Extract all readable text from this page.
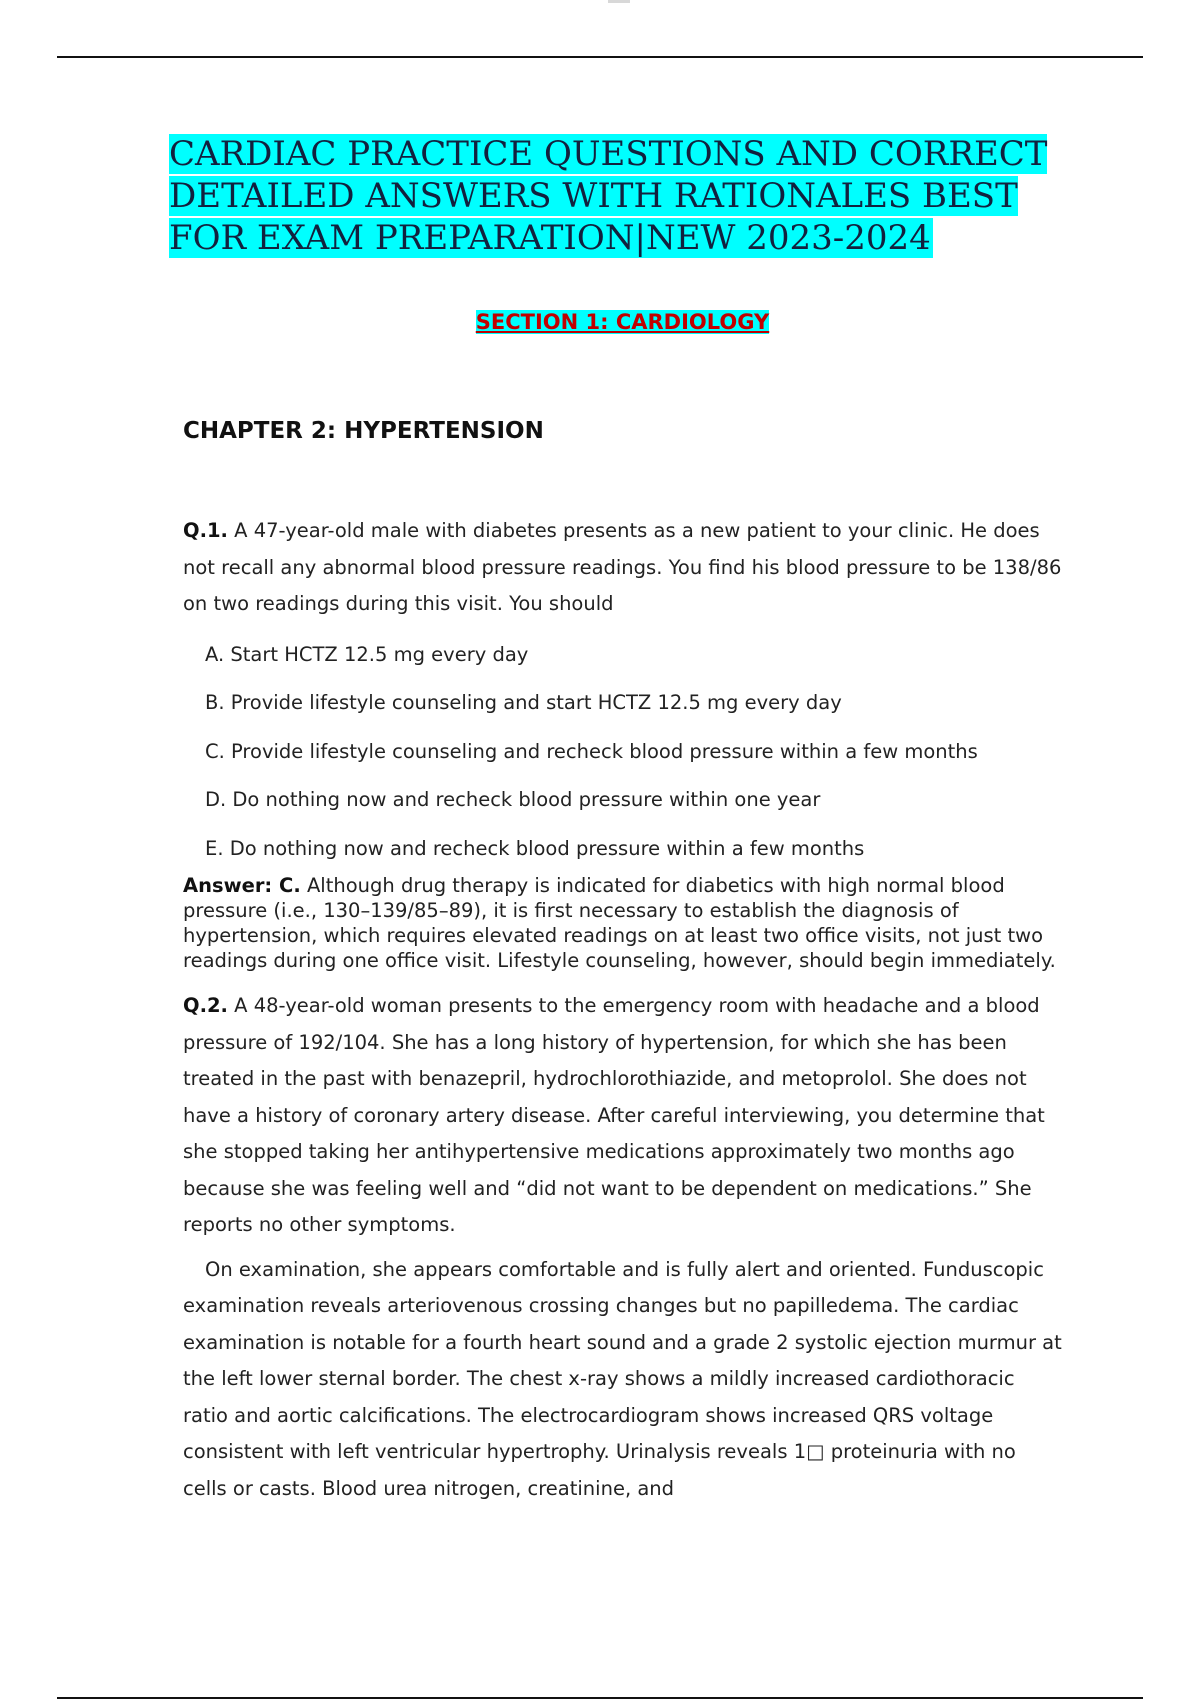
CARDIAC PRACTICE QUESTIONS AND CORRECT DETAILED ANSWERS WITH RATIONALES BEST FOR EXAM PREPARATION|NEW 2023-2024
SECTION 1: CARDIOLOGY
CHAPTER 2: HYPERTENSION

Q.1. A 47-year-old male with diabetes presents as a new patient to your clinic. He does not recall any abnormal blood pressure readings. You find his blood pressure to be 138/86 on two readings during this visit. You should

A. Start HCTZ 12.5 mg every day
B. Provide lifestyle counseling and start HCTZ 12.5 mg every day
C. Provide lifestyle counseling and recheck blood pressure within a few months
D. Do nothing now and recheck blood pressure within one year
E. Do nothing now and recheck blood pressure within a few months

Answer: C. Although drug therapy is indicated for diabetics with high normal blood pressure (i.e., 130–139/85–89), it is first necessary to establish the diagnosis of hypertension, which requires elevated readings on at least two office visits, not just two readings during one office visit. Lifestyle counseling, however, should begin immediately.

Q.2. A 48-year-old woman presents to the emergency room with headache and a blood pressure of 192/104. She has a long history of hypertension, for which she has been treated in the past with benazepril, hydrochlorothiazide, and metoprolol. She does not have a history of coronary artery disease. After careful interviewing, you determine that she stopped taking her antihypertensive medications approximately two months ago because she was feeling well and “did not want to be dependent on medications.” She reports no other symptoms.

On examination, she appears comfortable and is fully alert and oriented. Funduscopic examination reveals arteriovenous crossing changes but no papilledema. The cardiac examination is notable for a fourth heart sound and a grade 2 systolic ejection murmur at the left lower sternal border. The chest x-ray shows a mildly increased cardiothoracic ratio and aortic calcifications. The electrocardiogram shows increased QRS voltage consistent with left ventricular hypertrophy. Urinalysis reveals 1□ proteinuria with no cells or casts. Blood urea nitrogen, creatinine, and
